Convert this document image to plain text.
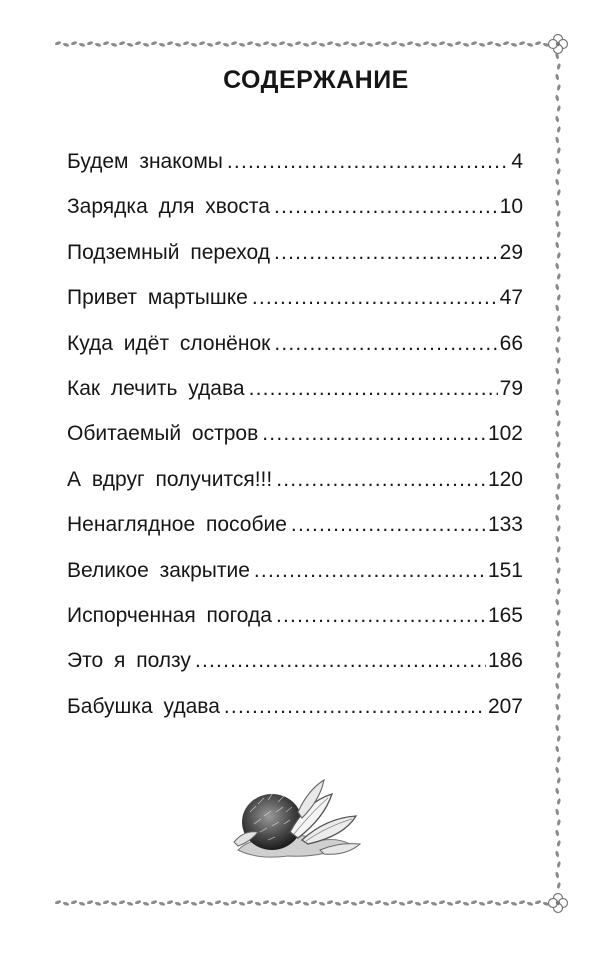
СОДЕРЖАНИЕ
Будем знакомы .....	4
Зарядка для хвоста .....	10
Подземный переход .....	29
Привет мартышке .....	47
Куда идёт слонёнок .....	66
Как лечить удава .....	79
Обитаемый остров .....	102
А вдруг получится!!! .....	120
Ненаглядное пособие .....	133
Великое закрытие .....	151
Испорченная погода .....	165
Это я ползу .....	186
Бабушка удава .....	207
